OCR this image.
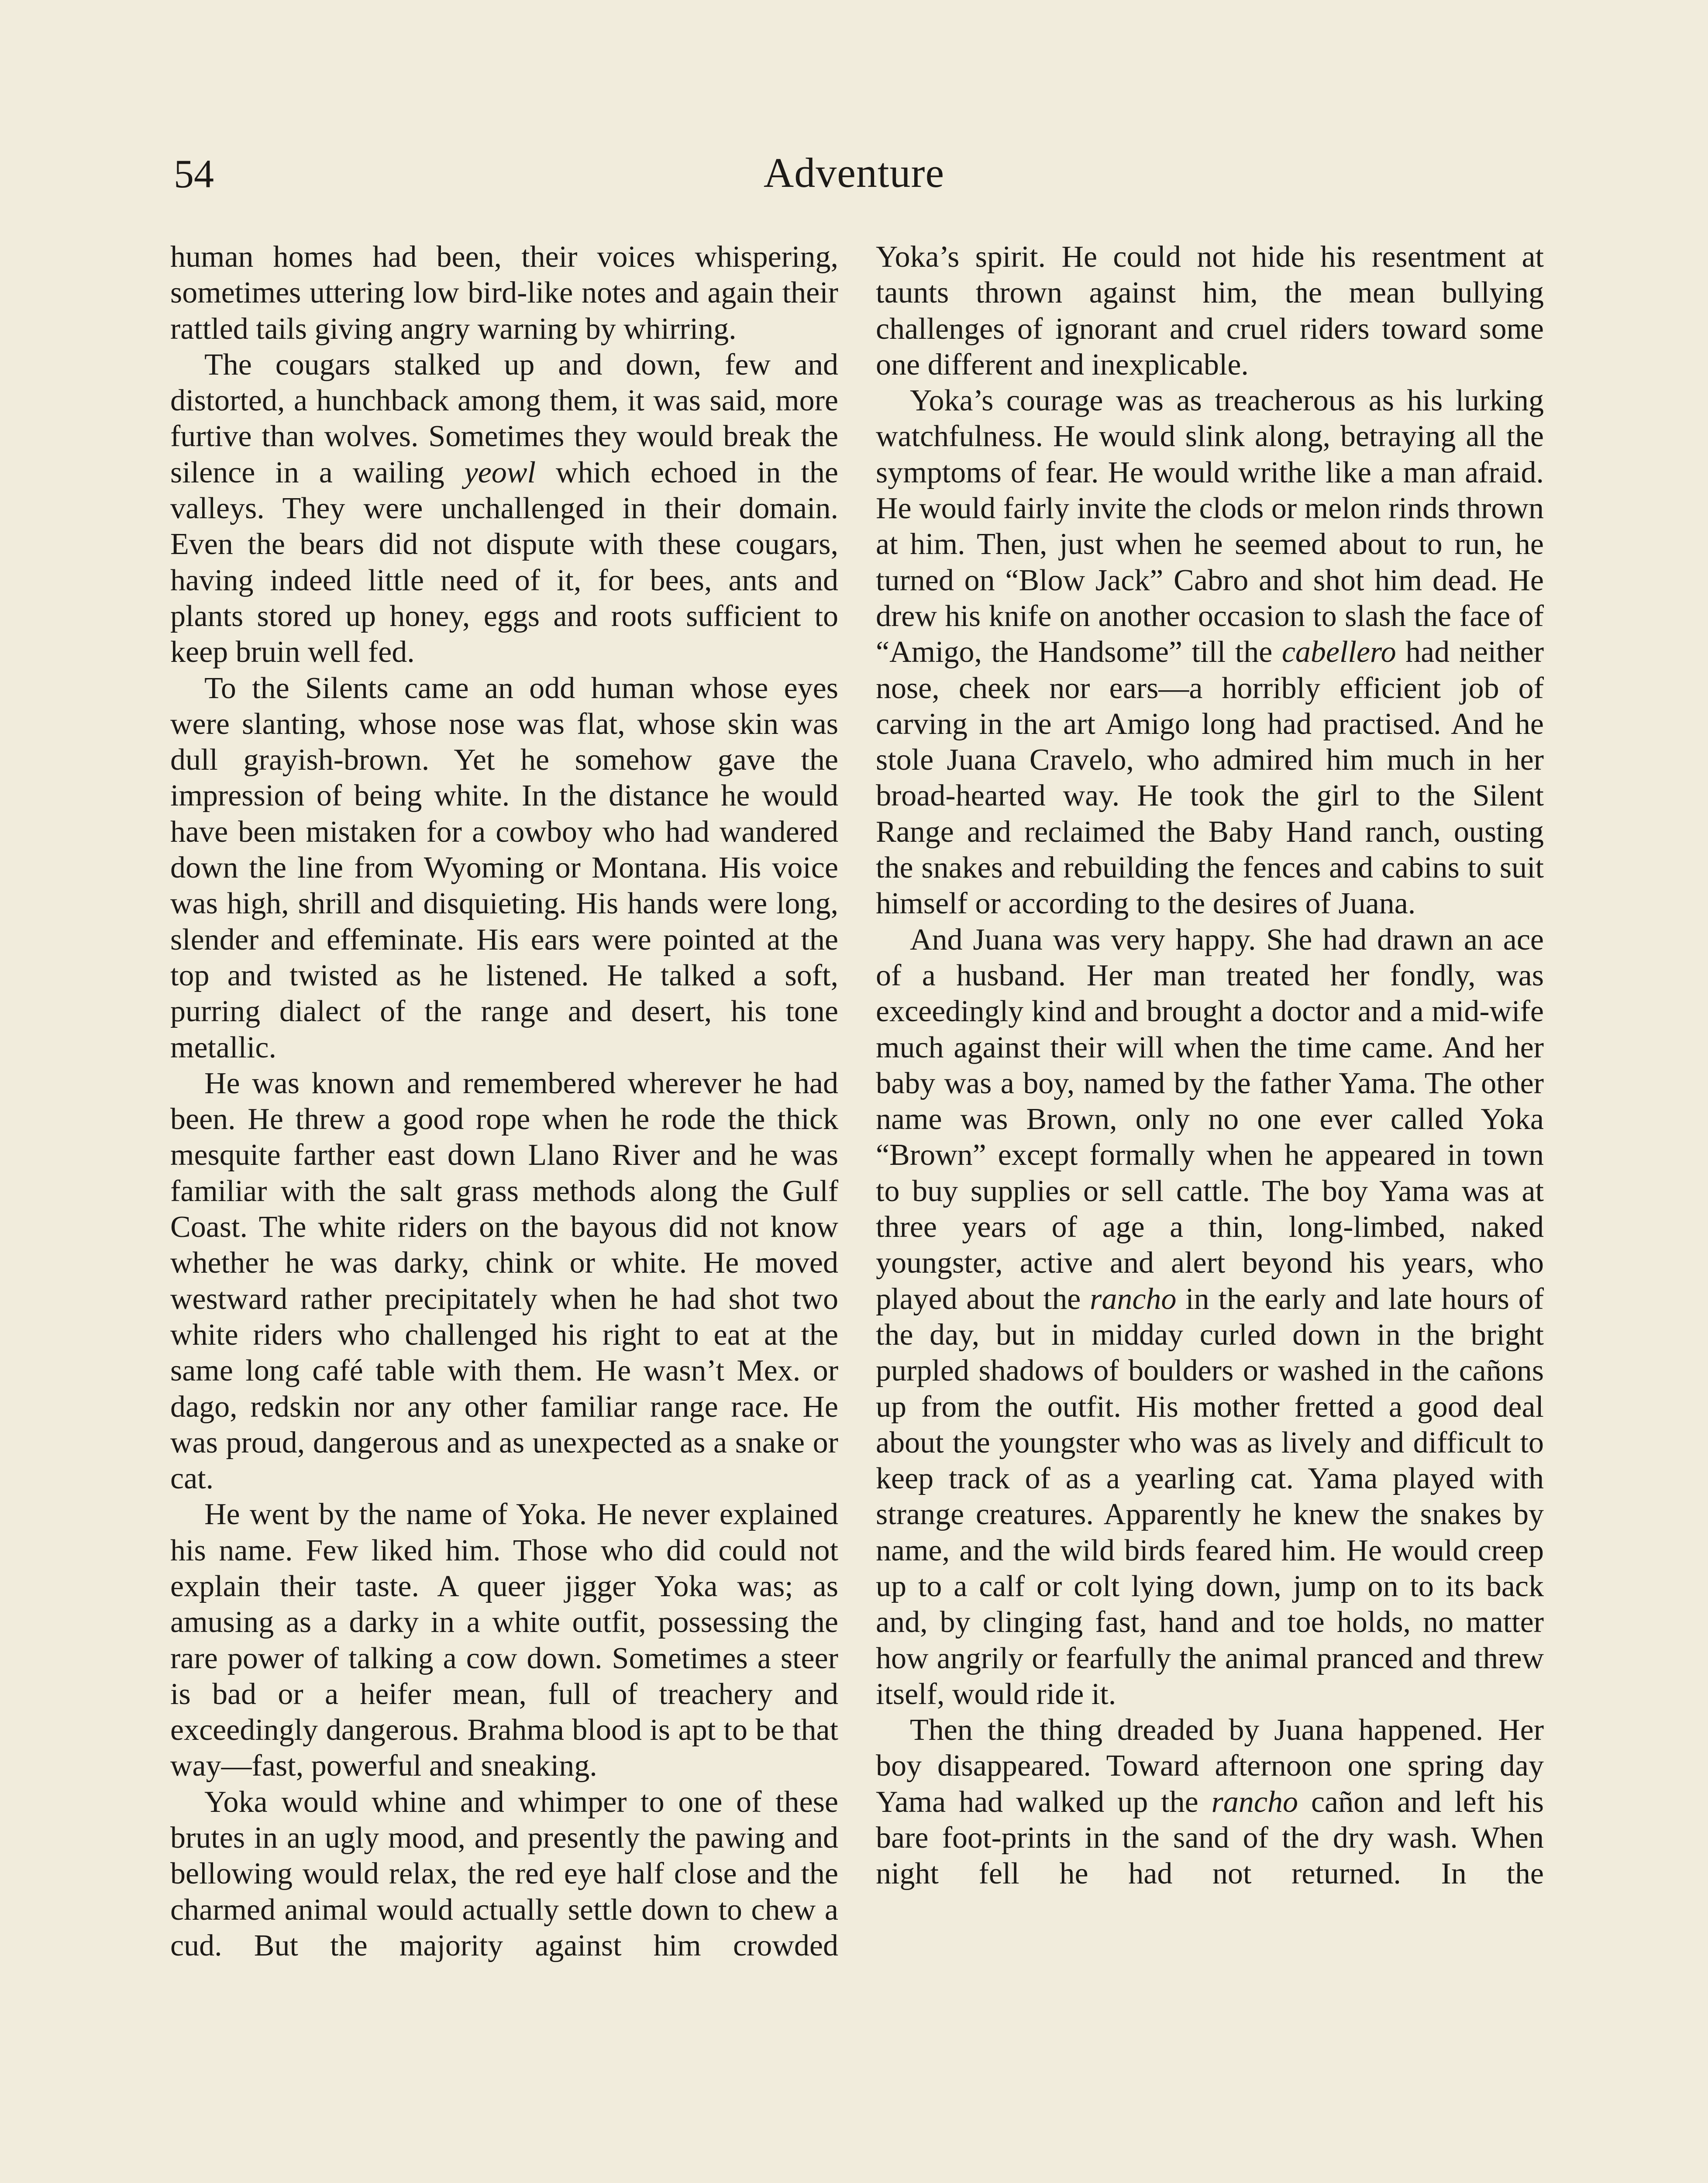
54	Adventure

human homes had been, their voices whispering, sometimes uttering low bird-like notes and again their rattled tails giving angry warning by whirring.

The cougars stalked up and down, few and distorted, a hunchback among them, it was said, more furtive than wolves. Sometimes they would break the silence in a wailing yeowl which echoed in the valleys. They were unchallenged in their domain. Even the bears did not dispute with these cougars, having indeed little need of it, for bees, ants and plants stored up honey, eggs and roots sufficient to keep bruin well fed.

To the Silents came an odd human whose eyes were slanting, whose nose was flat, whose skin was dull grayish-brown. Yet he somehow gave the impression of being white. In the distance he would have been mistaken for a cowboy who had wandered down the line from Wyoming or Montana. His voice was high, shrill and disquieting. His hands were long, slender and effeminate. His ears were pointed at the top and twisted as he listened. He talked a soft, purring dialect of the range and desert, his tone metallic.

He was known and remembered wherever he had been. He threw a good rope when he rode the thick mesquite farther east down Llano River and he was familiar with the salt grass methods along the Gulf Coast. The white riders on the bayous did not know whether he was darky, chink or white. He moved westward rather precipitately when he had shot two white riders who challenged his right to eat at the same long café table with them. He wasn’t Mex. or dago, redskin nor any other familiar range race. He was proud, dangerous and as unexpected as a snake or cat.

He went by the name of Yoka. He never explained his name. Few liked him. Those who did could not explain their taste. A queer jigger Yoka was; as amusing as a darky in a white outfit, possessing the rare power of talking a cow down. Sometimes a steer is bad or a heifer mean, full of treachery and exceedingly dangerous. Brahma blood is apt to be that way—fast, powerful and sneaking.

Yoka would whine and whimper to one of these brutes in an ugly mood, and presently the pawing and bellowing would relax, the red eye half close and the charmed animal would actually settle down to chew a cud. But the majority against him crowded

Yoka’s spirit. He could not hide his resentment at taunts thrown against him, the mean bullying challenges of ignorant and cruel riders toward some one different and inexplicable.

Yoka’s courage was as treacherous as his lurking watchfulness. He would slink along, betraying all the symptoms of fear. He would writhe like a man afraid. He would fairly invite the clods or melon rinds thrown at him. Then, just when he seemed about to run, he turned on “Blow Jack” Cabro and shot him dead. He drew his knife on another occasion to slash the face of “Amigo, the Handsome” till the cabellero had neither nose, cheek nor ears—a horribly efficient job of carving in the art Amigo long had practised. And he stole Juana Cravelo, who admired him much in her broad-hearted way. He took the girl to the Silent Range and reclaimed the Baby Hand ranch, ousting the snakes and rebuilding the fences and cabins to suit himself or according to the desires of Juana.

And Juana was very happy. She had drawn an ace of a husband. Her man treated her fondly, was exceedingly kind and brought a doctor and a mid-wife much against their will when the time came. And her baby was a boy, named by the father Yama. The other name was Brown, only no one ever called Yoka “Brown” except formally when he appeared in town to buy supplies or sell cattle. The boy Yama was at three years of age a thin, long-limbed, naked youngster, active and alert beyond his years, who played about the rancho in the early and late hours of the day, but in midday curled down in the bright purpled shadows of boulders or washed in the cañons up from the outfit. His mother fretted a good deal about the youngster who was as lively and difficult to keep track of as a yearling cat. Yama played with strange creatures. Apparently he knew the snakes by name, and the wild birds feared him. He would creep up to a calf or colt lying down, jump on to its back and, by clinging fast, hand and toe holds, no matter how angrily or fearfully the animal pranced and threw itself, would ride it.

Then the thing dreaded by Juana happened. Her boy disappeared. Toward afternoon one spring day Yama had walked up the rancho cañon and left his bare foot-prints in the sand of the dry wash. When night fell he had not returned. In the
